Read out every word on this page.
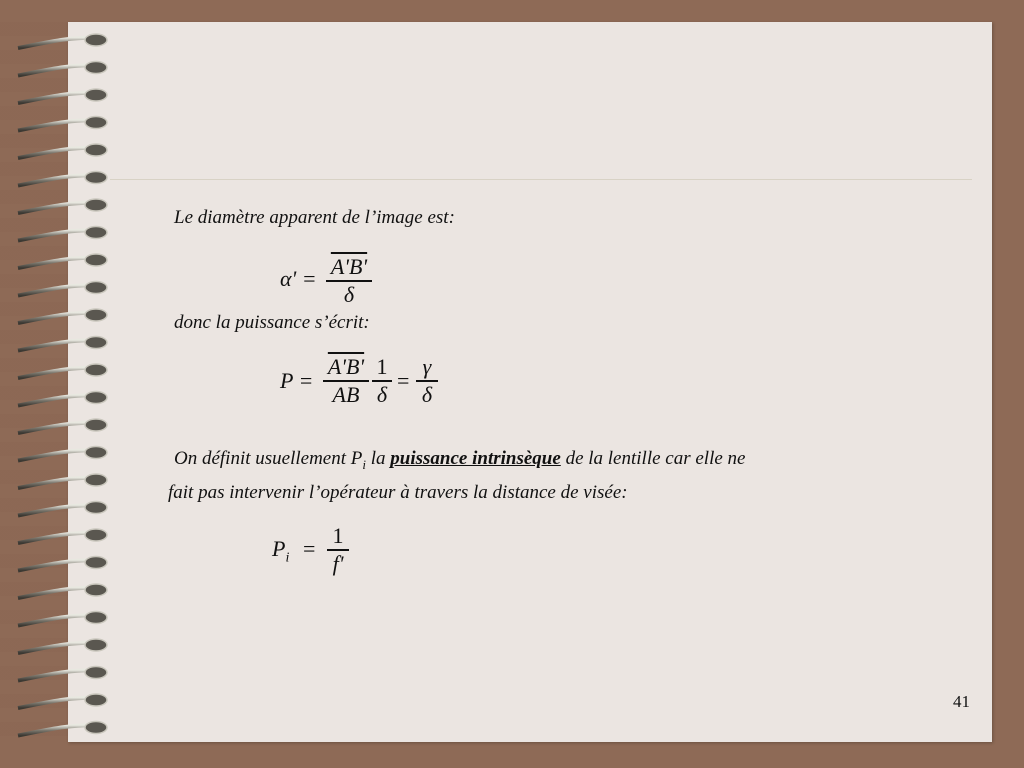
Le diamètre apparent de l’image est:
α' = A'B'
δ
donc la puissance s’écrit:
P =
A'B'
AB
1
δ
=
γ
δ
On définit usuellement $P_i$ la puissance intrinsèque de la lentille car elle ne
fait pas intervenir l’opérateur à travers la distance de visée:
$P_i$ =
1
f'
41
